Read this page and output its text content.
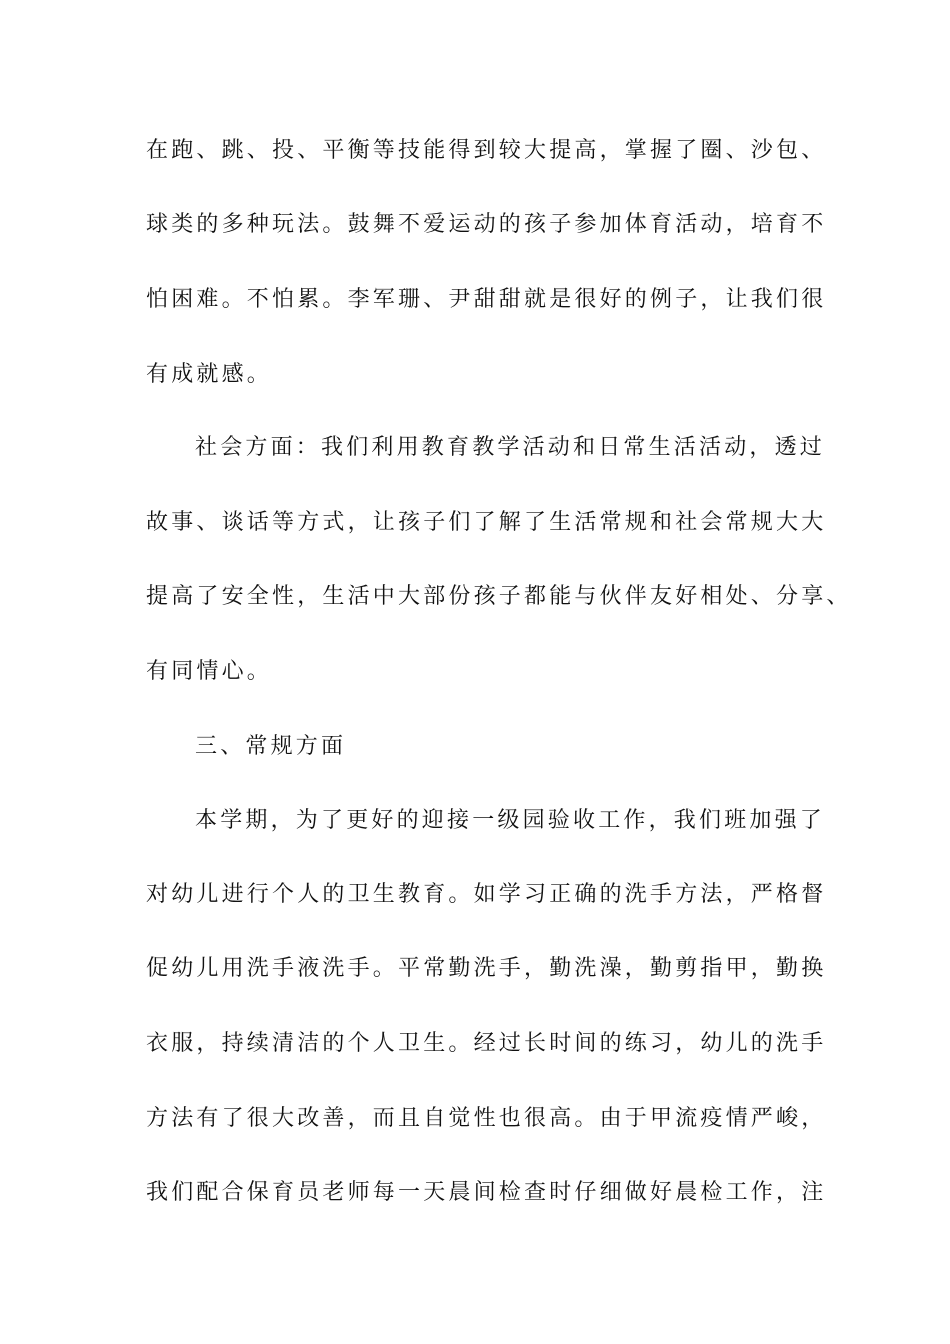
在跑、跳、投、平衡等技能得到较大提高，掌握了圈、沙包、
球类的多种玩法。鼓舞不爱运动的孩子参加体育活动，培育不
怕困难。不怕累。李军珊、尹甜甜就是很好的例子，让我们很
有成就感。
社会方面：我们利用教育教学活动和日常生活活动，透过
故事、谈话等方式，让孩子们了解了生活常规和社会常规大大
提高了安全性，生活中大部份孩子都能与伙伴友好相处、分享、
有同情心。
三、常规方面
本学期，为了更好的迎接一级园验收工作，我们班加强了
对幼儿进行个人的卫生教育。如学习正确的洗手方法，严格督
促幼儿用洗手液洗手。平常勤洗手，勤洗澡，勤剪指甲，勤换
衣服，持续清洁的个人卫生。经过长时间的练习，幼儿的洗手
方法有了很大改善，而且自觉性也很高。由于甲流疫情严峻，
我们配合保育员老师每一天晨间检查时仔细做好晨检工作，注
